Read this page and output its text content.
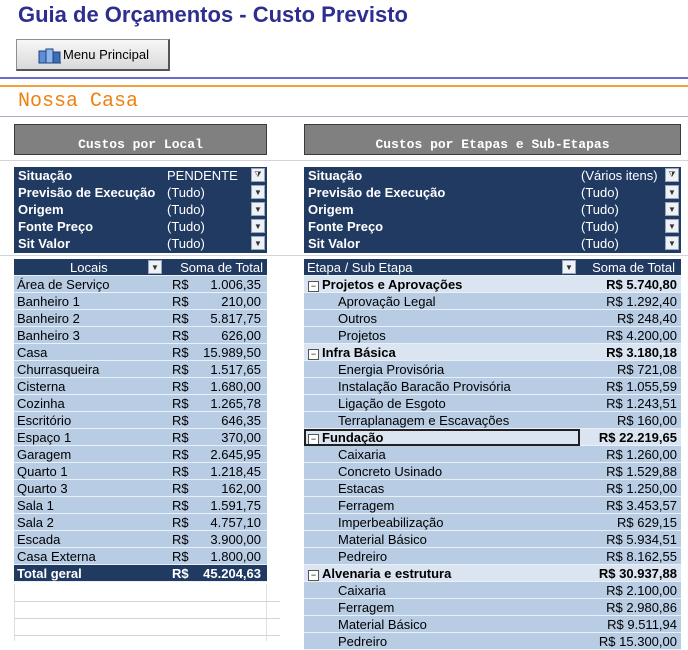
Guia de Orçamentos - Custo Previsto
Menu Principal
Nossa Casa
Custos por Local	Custos por Etapas e Sub-Etapas
Situação	PENDENTE	⧩
Previsão de Execução (Tudo)	▼
Origem	(Tudo)	▼
Fonte Preço	(Tudo)	▼
Sit Valor	(Tudo)	▼
Situação	(Vários itens)	⧩
Previsão de Execução	(Tudo)	▼
Origem	(Tudo)	▼
Fonte Preço	(Tudo)	▼
Sit Valor	(Tudo)	▼
Locais	▼ Soma de Total
Área de Serviço	R$ 1.006,35
Banheiro 1	R$	210,00
Banheiro 2	R$ 5.817,75
Banheiro 3	R$	626,00
Casa	R$ 15.989,50
Churrasqueira	R$ 1.517,65
Cisterna	R$ 1.680,00
Cozinha	R$ 1.265,78
Escritório	R$	646,35
Espaço 1	R$	370,00
Garagem	R$ 2.645,95
Quarto 1	R$ 1.218,45
Quarto 3	R$	162,00
Sala 1	R$ 1.591,75
Sala 2	R$ 4.757,10
Escada	R$ 3.900,00
Casa Externa	R$ 1.800,00
Total geral	R$ 45.204,63
Etapa / Sub Etapa	▼ Soma de Total
− Projetos e Aprovações	R$ 5.740,80
Aprovação Legal	R$ 1.292,40
Outros	R$ 248,40
Projetos	R$ 4.200,00
− Infra Básica	R$ 3.180,18
Energia Provisória	R$ 721,08
Instalação Baracão Provisória	R$ 1.055,59
Ligação de Esgoto	R$ 1.243,51
Terraplanagem e Escavações	R$ 160,00
− Fundação	R$ 22.219,65
Caixaria	R$ 1.260,00
Concreto Usinado	R$ 1.529,88
Estacas	R$ 1.250,00
Ferragem	R$ 3.453,57
Imperbeabilização	R$ 629,15
Material Básico	R$ 5.934,51
Pedreiro	R$ 8.162,55
− Alvenaria e estrutura	R$ 30.937,88
Caixaria	R$ 2.100,00
Ferragem	R$ 2.980,86
Material Básico	R$ 9.511,94
Pedreiro	R$ 15.300,00
